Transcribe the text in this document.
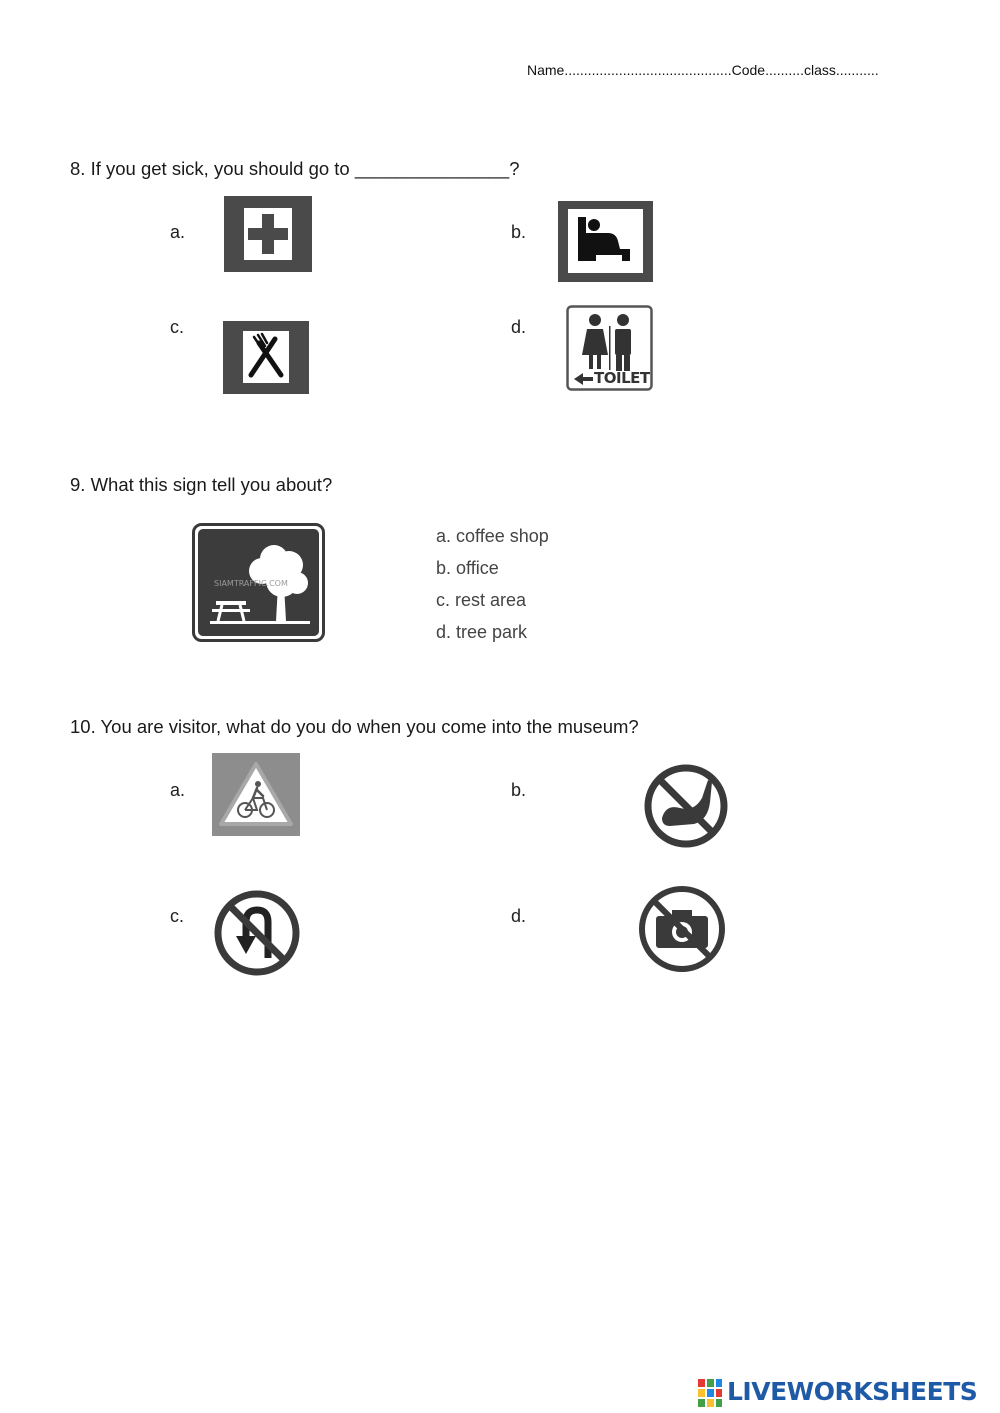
Name...........................................Code..........class...........
8. If you get sick, you should go to _______________?
a.	b.
c.	d.
TOILET
9. What this sign tell you about?
SIAMTRAFFIC.COM
a. coffee shop
b. office
c. rest area
d. tree park
10. You are visitor, what do you do when you come into the museum?
a.	b.
c.	d.
LIVEWORKSHEETS
